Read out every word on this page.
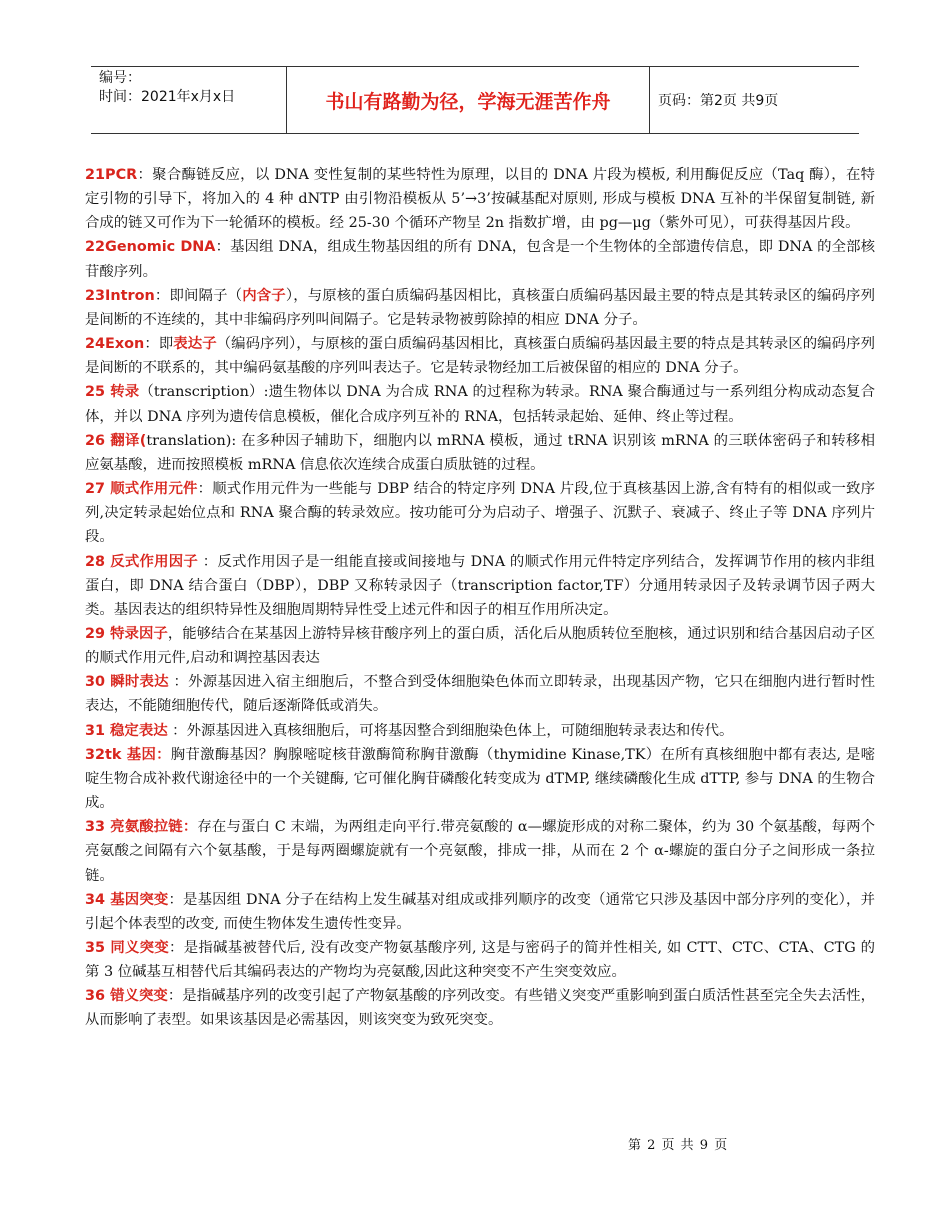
编号：
时间：2021年x月x日	书山有路勤为径，学海无涯苦作舟	页码：第2页 共9页

21PCR：聚合酶链反应，以 DNA 变性复制的某些特性为原理，以目的 DNA 片段为模板, 利用酶促反应（Taq 酶），在特定引物的引导下，将加入的 4 种 dNTP 由引物沿模板从 5’→3’按碱基配对原则, 形成与模板 DNA 互补的半保留复制链, 新合成的链又可作为下一轮循环的模板。经 25-30 个循环产物呈 2n 指数扩增，由 pg—μg（紫外可见），可获得基因片段。

22Genomic DNA：基因组 DNA，组成生物基因组的所有 DNA，包含是一个生物体的全部遗传信息，即 DNA 的全部核苷酸序列。

23Intron：即间隔子（内含子），与原核的蛋白质编码基因相比，真核蛋白质编码基因最主要的特点是其转录区的编码序列是间断的不连续的，其中非编码序列叫间隔子。它是转录物被剪除掉的相应 DNA 分子。

24Exon：即表达子（编码序列），与原核的蛋白质编码基因相比，真核蛋白质编码基因最主要的特点是其转录区的编码序列是间断的不联系的，其中编码氨基酸的序列叫表达子。它是转录物经加工后被保留的相应的 DNA 分子。

25 转录（transcription）:遗生物体以 DNA 为合成 RNA 的过程称为转录。RNA 聚合酶通过与一系列组分构成动态复合体，并以 DNA 序列为遗传信息模板，催化合成序列互补的 RNA，包括转录起始、延伸、终止等过程。

26 翻译(translation): 在多种因子辅助下，细胞内以 mRNA 模板，通过 tRNA 识别该 mRNA 的三联体密码子和转移相应氨基酸，进而按照模板 mRNA 信息依次连续合成蛋白质肽链的过程。

27 顺式作用元件：顺式作用元件为一些能与 DBP 结合的特定序列 DNA 片段,位于真核基因上游,含有特有的相似或一致序列,决定转录起始位点和 RNA 聚合酶的转录效应。按功能可分为启动子、增强子、沉默子、衰减子、终止子等 DNA 序列片段。

28 反式作用因子 ：反式作用因子是一组能直接或间接地与 DNA 的顺式作用元件特定序列结合，发挥调节作用的核内非组蛋白，即 DNA 结合蛋白（DBP），DBP 又称转录因子（transcription factor,TF）分通用转录因子及转录调节因子两大类。基因表达的组织特异性及细胞周期特异性受上述元件和因子的相互作用所决定。

29 特录因子，能够结合在某基因上游特异核苷酸序列上的蛋白质，活化后从胞质转位至胞核，通过识别和结合基因启动子区的顺式作用元件,启动和调控基因表达

30 瞬时表达 ：外源基因进入宿主细胞后，不整合到受体细胞染色体而立即转录，出现基因产物，它只在细胞内进行暂时性表达，不能随细胞传代，随后逐渐降低或消失。

31 稳定表达 ：外源基因进入真核细胞后，可将基因整合到细胞染色体上，可随细胞转录表达和传代。

32tk 基因：胸苷激酶基因？胸腺嘧啶核苷激酶简称胸苷激酶（thymidine Kinase,TK）在所有真核细胞中都有表达, 是嘧啶生物合成补救代谢途径中的一个关键酶, 它可催化胸苷磷酸化转变成为 dTMP, 继续磷酸化生成 dTTP, 参与 DNA 的生物合成。

33 亮氨酸拉链：存在与蛋白 C 末端，为两组走向平行.带亮氨酸的 α—螺旋形成的对称二聚体，约为 30 个氨基酸，每两个亮氨酸之间隔有六个氨基酸，于是每两圈螺旋就有一个亮氨酸，排成一排，从而在 2 个 α-螺旋的蛋白分子之间形成一条拉链。

34 基因突变：是基因组 DNA 分子在结构上发生碱基对组成或排列顺序的改变（通常它只涉及基因中部分序列的变化），并引起个体表型的改变, 而使生物体发生遗传性变异。

35 同义突变：是指碱基被替代后, 没有改变产物氨基酸序列, 这是与密码子的简并性相关, 如 CTT、CTC、CTA、CTG 的第 3 位碱基互相替代后其编码表达的产物均为亮氨酸,因此这种突变不产生突变效应。

36 错义突变：是指碱基序列的改变引起了产物氨基酸的序列改变。有些错义突变严重影响到蛋白质活性甚至完全失去活性，从而影响了表型。如果该基因是必需基因，则该突变为致死突变。

第 2 页 共 9 页
